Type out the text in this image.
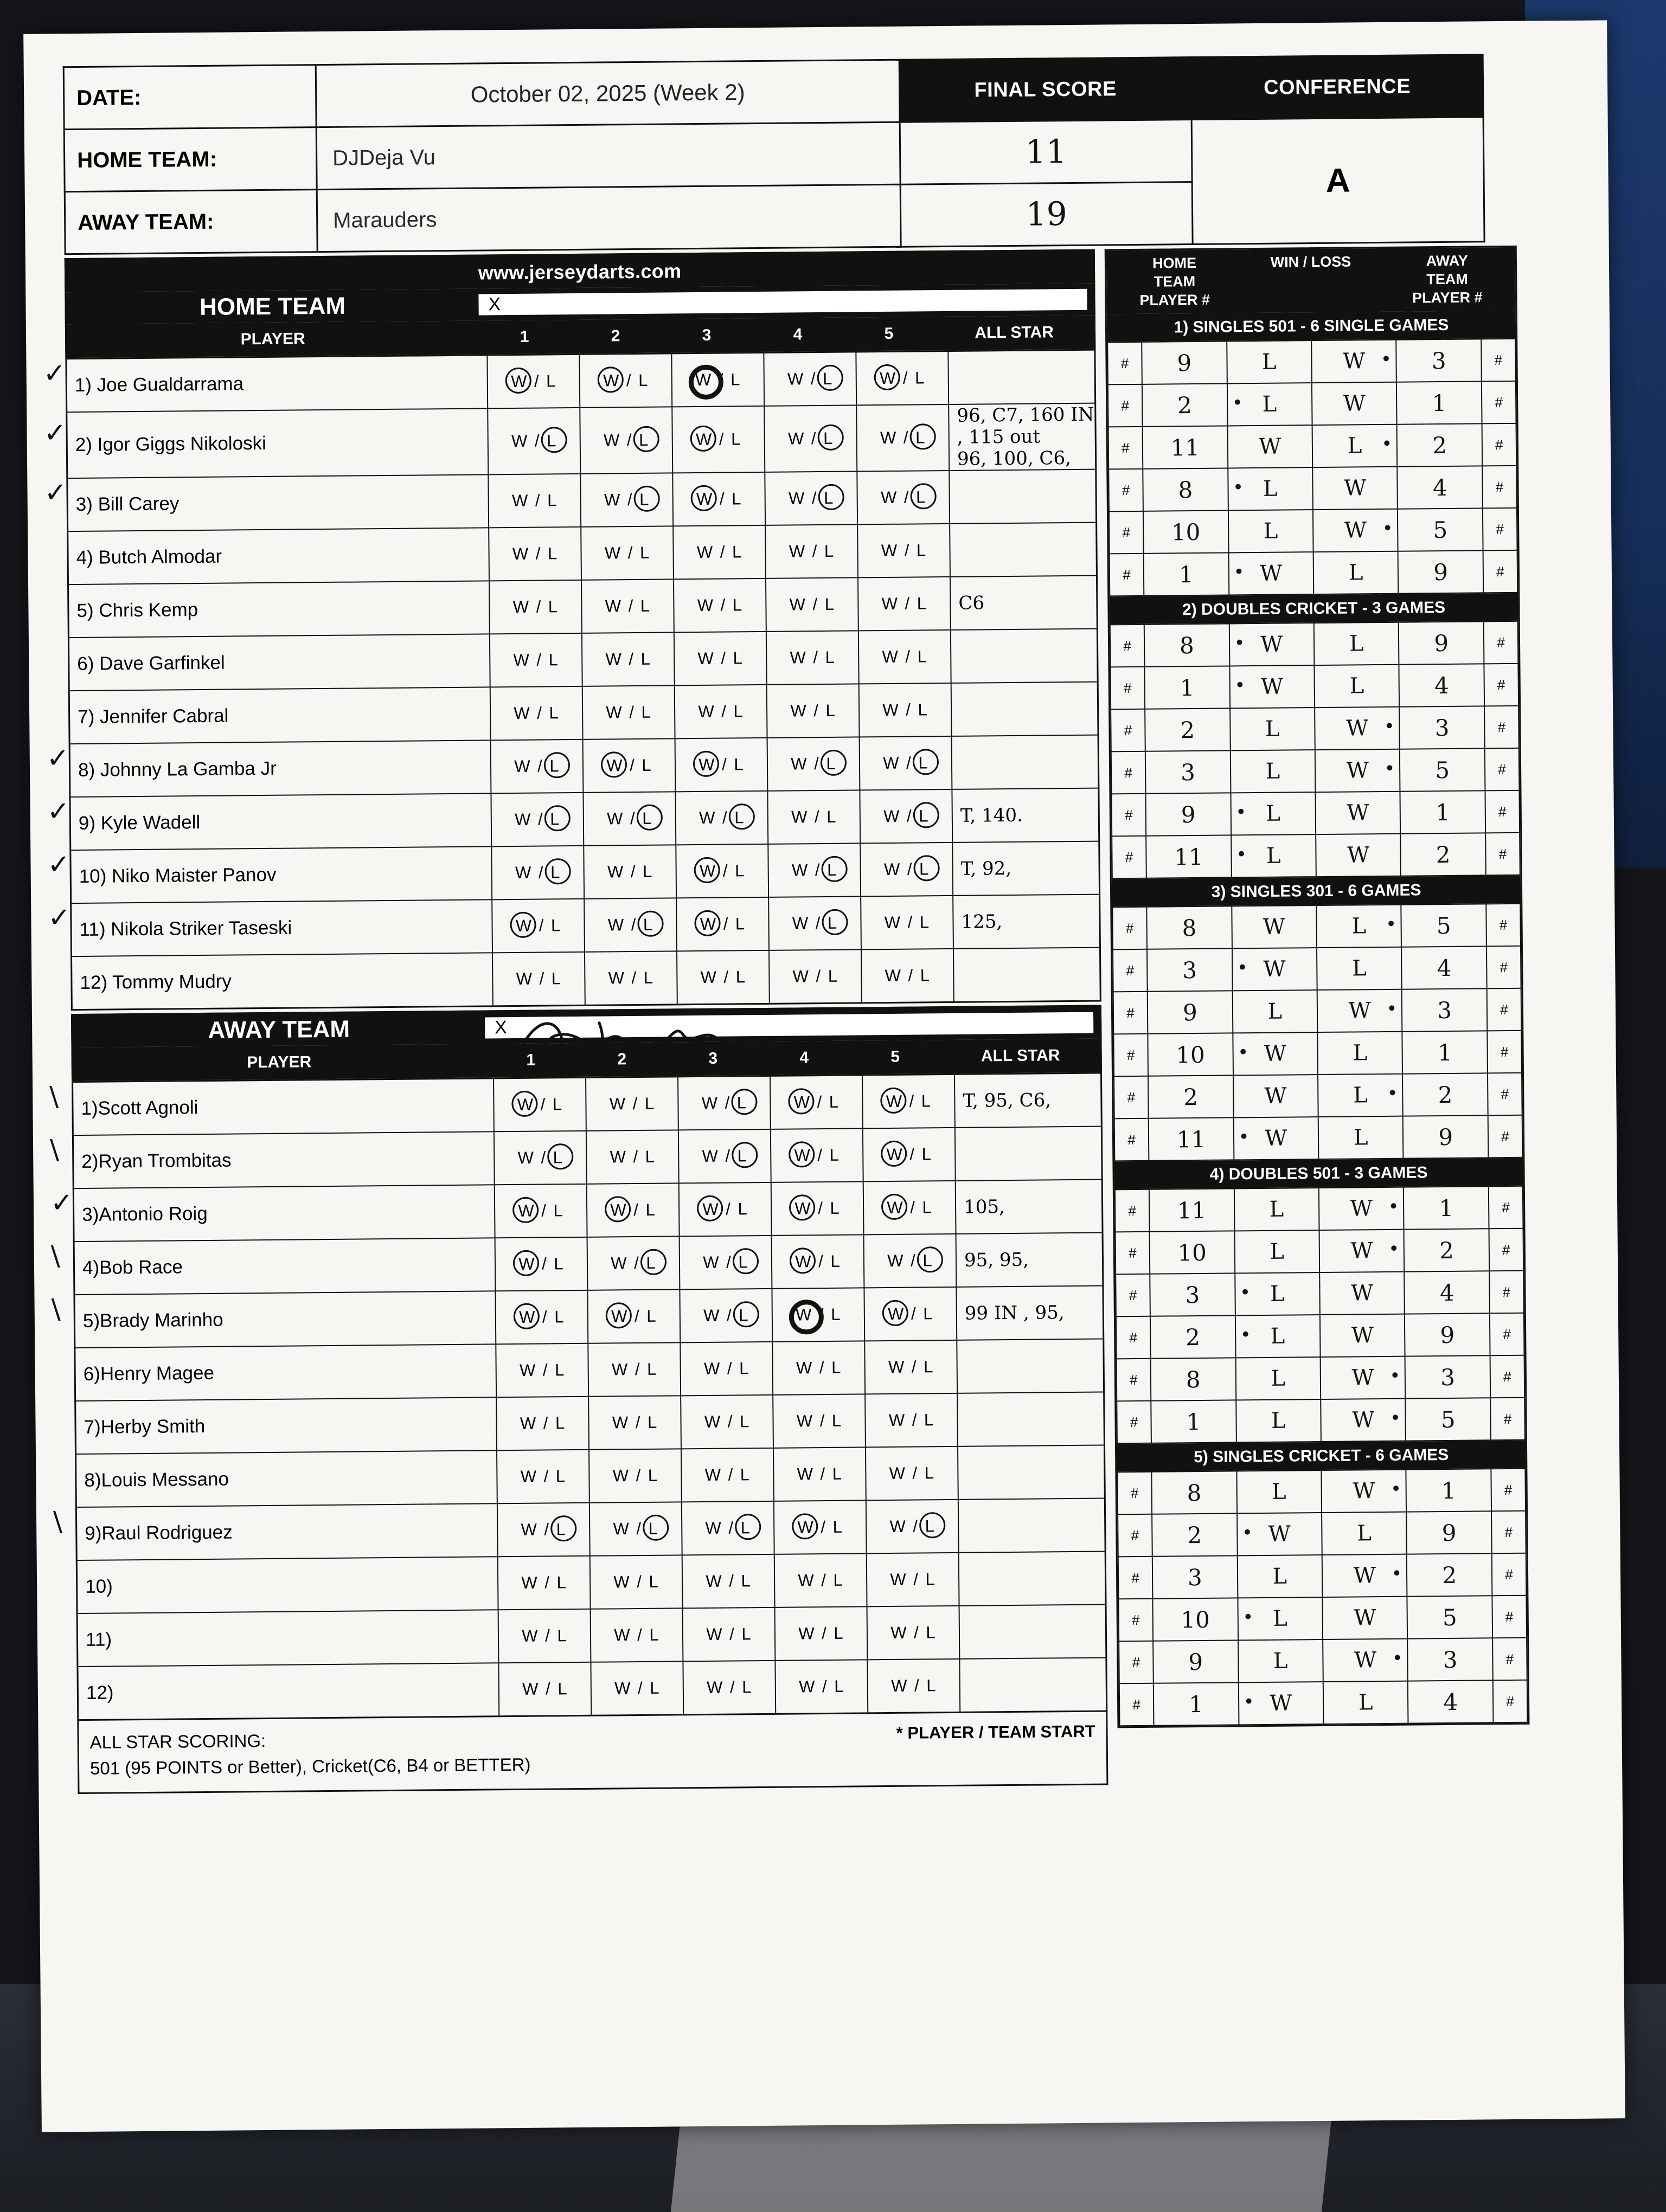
DATE:	October 02, 2025 (Week 2)	FINAL SCORE	CONFERENCE
HOME TEAM:	DJDeja Vu	11	A
AWAY TEAM:	Marauders	19	
www.jerseydarts.com
HOME TEAM	X
PLAYER	1	2	3	4	5	ALL STAR
✓ 1) Joe Gualdarrama	W / L	W / L	W / L	W / L	W / L	

✓ 2) Igor Giggs Nikoloski	W / L	W / L	W / L	W / L	W / L	96, C7, 160 IN , 115 out
96, 100, C6,

✓ 3) Bill Carey	W / L	W / L	W / L	W / L	W / L	
4) Butch Almodar	W / L	W / L	W / L	W / L	W / L	
5) Chris Kemp	W / L	W / L	W / L	W / L	W / L	C6
6) Dave Garfinkel	W / L	W / L	W / L	W / L	W / L	
7) Jennifer Cabral	W / L	W / L	W / L	W / L	W / L	

✓ 8) Johnny La Gamba Jr	W / L	W / L	W / L	W / L	W / L	

✓ 9) Kyle Wadell	W / L	W / L	W / L	W / L	W / L	T, 140.

✓ 10) Niko Maister Panov	W / L	W / L	W / L	W / L	W / L	T, 92,

✓ 11) Nikola Striker Taseski	W / L	W / L	W / L	W / L	W / L	125,
12) Tommy Mudry	W / L	W / L	W / L	W / L	W / L	
AWAY TEAM	X
PLAYER	1	2	3	4	5	ALL STAR
\ 1)Scott Agnoli	W / L	W / L	W / L	W / L	W / L	T, 95, C6,

\ 2)Ryan Trombitas	W / L	W / L	W / L	W / L	W / L	

✓ 3)Antonio Roig	W / L	W / L	W / L	W / L	W / L	105,

\ 4)Bob Race	W / L	W / L	W / L	W / L	W / L	95, 95,

\ 5)Brady Marinho	W / L	W / L	W / L	W / L	W / L	99 IN , 95,
6)Henry Magee	W / L	W / L	W / L	W / L	W / L	
7)Herby Smith	W / L	W / L	W / L	W / L	W / L	
8)Louis Messano	W / L	W / L	W / L	W / L	W / L	

\ 9)Raul Rodriguez	W / L	W / L	W / L	W / L	W / L	
10)	W / L	W / L	W / L	W / L	W / L	
11)	W / L	W / L	W / L	W / L	W / L	
12)	W / L	W / L	W / L	W / L	W / L	
ALL STAR SCORING:
501 (95 POINTS or Better), Cricket(C6, B4 or BETTER)
* PLAYER / TEAM START
HOME
TEAM
PLAYER #
WIN / LOSS	AWAY
TEAM
PLAYER #
1) SINGLES 501 - 6 SINGLE GAMES
#	9	L	W •	3	#
#	2	• L	W	1	#
#	11	W	L •	2	#
#	8	• L	W	4	#
#	10	L	W •	5	#
#	1	• W	L	9	#
2) DOUBLES CRICKET - 3 GAMES
#	8	• W	L	9	#
#	1	• W	L	4	#
#	2	L	W •	3	#
#	3	L	W •	5	#
#	9	• L	W	1	#
#	11	• L	W	2	#
3) SINGLES 301 - 6 GAMES
#	8	W	L •	5	#
#	3	• W	L	4	#
#	9	L	W •	3	#
#	10	• W	L	1	#
#	2	W	L •	2	#
#	11	• W	L	9	#
4) DOUBLES 501 - 3 GAMES
#	11	L	W •	1	#
#	10	L	W •	2	#
#	3	• L	W	4	#
#	2	• L	W	9	#
#	8	L	W •	3	#
#	1	L	W •	5	#
5) SINGLES CRICKET - 6 GAMES
#	8	L	W •	1	#
#	2	• W	L	9	#
#	3	L	W •	2	#
#	10	• L	W	5	#
#	9	L	W •	3	#
#	1	• W	L	4	#
